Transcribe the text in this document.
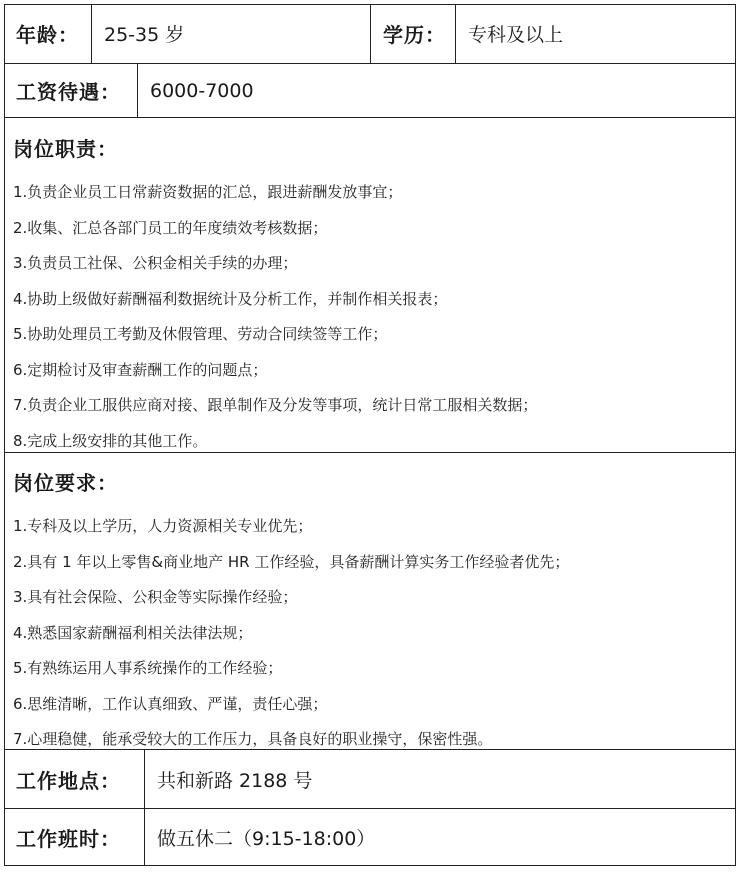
年龄：	25-35 岁	学历：	专科及以上
工资待遇：	6000-7000
岗位职责：
1.负责企业员工日常薪资数据的汇总，跟进薪酬发放事宜；
2.收集、汇总各部门员工的年度绩效考核数据；
3.负责员工社保、公积金相关手续的办理；
4.协助上级做好薪酬福利数据统计及分析工作，并制作相关报表；
5.协助处理员工考勤及休假管理、劳动合同续签等工作；
6.定期检讨及审查薪酬工作的问题点；
7.负责企业工服供应商对接、跟单制作及分发等事项，统计日常工服相关数据；
8.完成上级安排的其他工作。
岗位要求：
1.专科及以上学历，人力资源相关专业优先；
2.具有 1 年以上零售&商业地产 HR 工作经验，具备薪酬计算实务工作经验者优先；
3.具有社会保险、公积金等实际操作经验；
4.熟悉国家薪酬福利相关法律法规；
5.有熟练运用人事系统操作的工作经验；
6.思维清晰，工作认真细致、严谨，责任心强；
7.心理稳健，能承受较大的工作压力，具备良好的职业操守，保密性强。
工作地点：	共和新路 2188 号
工作班时：	做五休二（9:15-18:00）
